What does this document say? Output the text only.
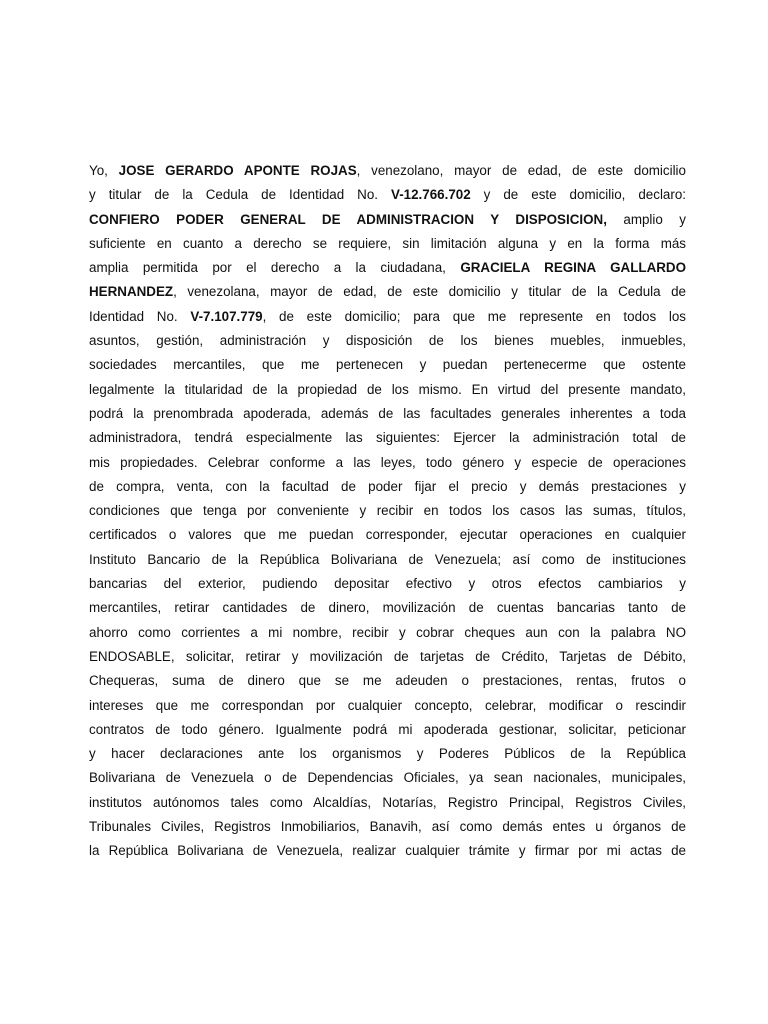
Yo, JOSE GERARDO APONTE ROJAS, venezolano, mayor de edad, de este domicilio
y titular de la Cedula de Identidad No. V-12.766.702 y de este domicilio, declaro:
CONFIERO PODER GENERAL DE ADMINISTRACION Y DISPOSICION, amplio y
suficiente en cuanto a derecho se requiere, sin limitación alguna y en la forma más
amplia permitida por el derecho a la ciudadana, GRACIELA REGINA GALLARDO
HERNANDEZ, venezolana, mayor de edad, de este domicilio y titular de la Cedula de
Identidad No. V-7.107.779, de este domicilio; para que me represente en todos los
asuntos, gestión, administración y disposición de los bienes muebles, inmuebles,
sociedades mercantiles, que me pertenecen y puedan pertenecerme que ostente
legalmente la titularidad de la propiedad de los mismo. En virtud del presente mandato,
podrá la prenombrada apoderada, además de las facultades generales inherentes a toda
administradora, tendrá especialmente las siguientes: Ejercer la administración total de
mis propiedades. Celebrar conforme a las leyes, todo género y especie de operaciones
de compra, venta, con la facultad de poder fijar el precio y demás prestaciones y
condiciones que tenga por conveniente y recibir en todos los casos las sumas, títulos,
certificados o valores que me puedan corresponder, ejecutar operaciones en cualquier
Instituto Bancario de la República Bolivariana de Venezuela; así como de instituciones
bancarias del exterior, pudiendo depositar efectivo y otros efectos cambiarios y
mercantiles, retirar cantidades de dinero, movilización de cuentas bancarias tanto de
ahorro como corrientes a mi nombre, recibir y cobrar cheques aun con la palabra NO
ENDOSABLE, solicitar, retirar y movilización de tarjetas de Crédito, Tarjetas de Débito,
Chequeras, suma de dinero que se me adeuden o prestaciones, rentas, frutos o
intereses que me correspondan por cualquier concepto, celebrar, modificar o rescindir
contratos de todo género. Igualmente podrá mi apoderada gestionar, solicitar, peticionar
y hacer declaraciones ante los organismos y Poderes Públicos de la República
Bolivariana de Venezuela o de Dependencias Oficiales, ya sean nacionales, municipales,
institutos autónomos tales como Alcaldías, Notarías, Registro Principal, Registros Civiles,
Tribunales Civiles, Registros Inmobiliarios, Banavih, así como demás entes u órganos de
la República Bolivariana de Venezuela, realizar cualquier trámite y firmar por mi actas de
